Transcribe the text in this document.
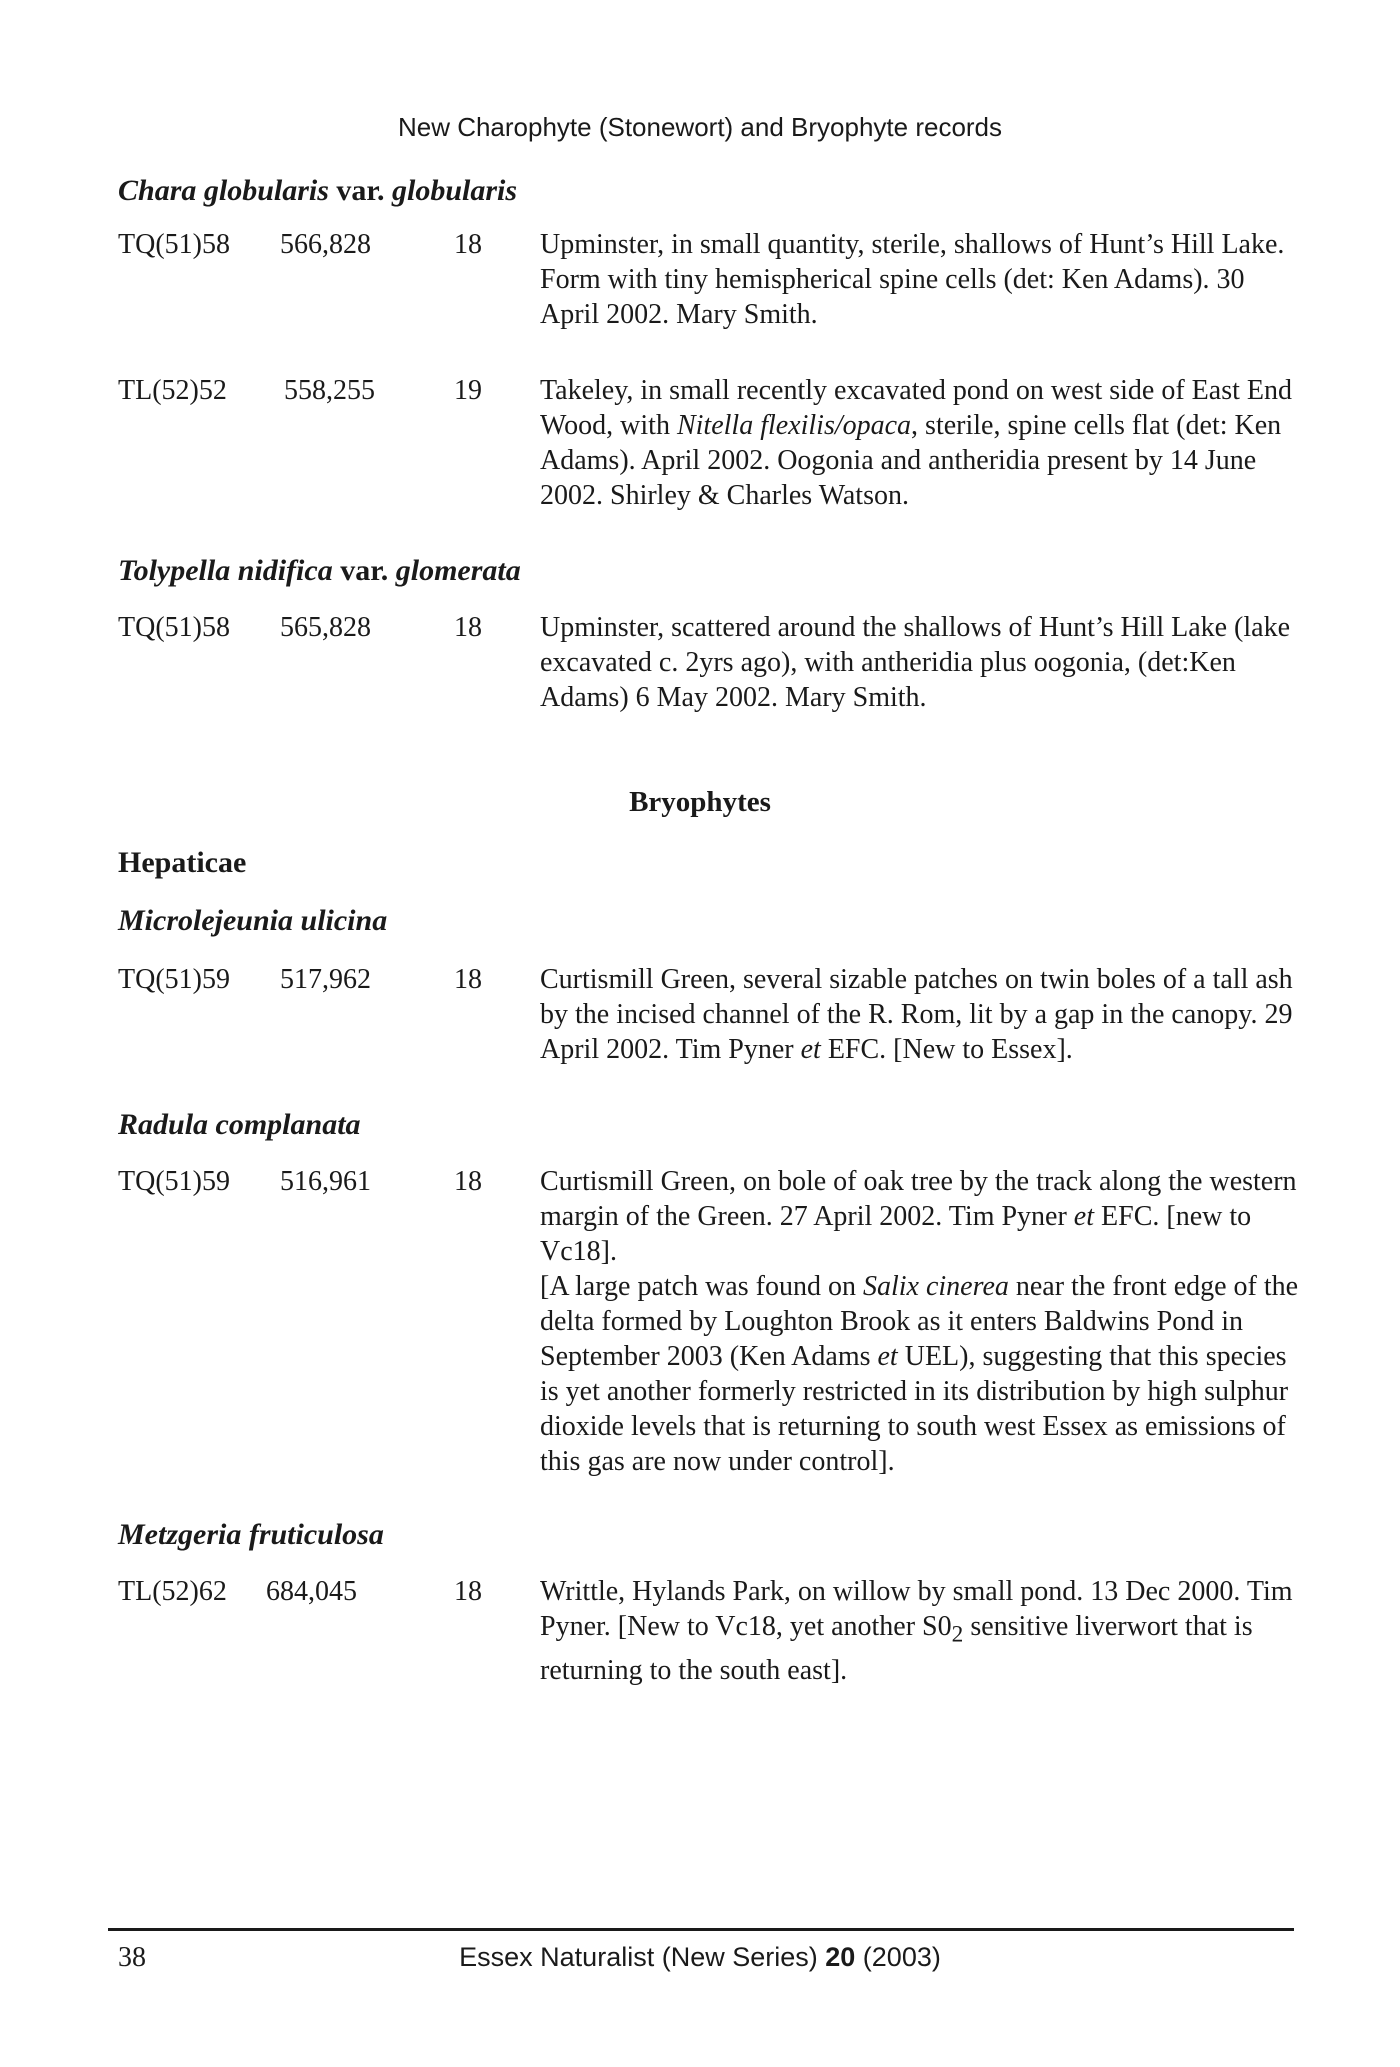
New Charophyte (Stonewort) and Bryophyte records
Chara globularis var. globularis
TQ(51)58 566,828	18 Upminster, in small quantity, sterile, shallows of Hunt’s Hill Lake.
Form with tiny hemispherical spine cells (det: Ken Adams). 30
April 2002. Mary Smith.
TL(52)52 558,255	19 Takeley, in small recently excavated pond on west side of East End Wood, with Nitella flexilis/opaca, sterile, spine cells flat (det: Ken Adams). April 2002. Oogonia and antheridia present by 14 June 2002. Shirley & Charles Watson.
Tolypella nidifica var. glomerata
TQ(51)58 565,828	18 Upminster, scattered around the shallows of Hunt’s Hill Lake (lake excavated c. 2yrs ago), with antheridia plus oogonia, (det:Ken Adams) 6 May 2002. Mary Smith.
Bryophytes
Hepaticae
Microlejeunia ulicina
TQ(51)59 517,962	18 Curtismill Green, several sizable patches on twin boles of a tall ash by the incised channel of the R. Rom, lit by a gap in the canopy. 29 April 2002. Tim Pyner et EFC. [New to Essex].
Radula complanata
TQ(51)59 516,961	18 Curtismill Green, on bole of oak tree by the track along the western margin of the Green. 27 April 2002. Tim Pyner et EFC. [new to Vc18].

[A large patch was found on Salix cinerea near the front edge of the delta formed by Loughton Brook as it enters Baldwins Pond in September 2003 (Ken Adams et UEL), suggesting that this species is yet another formerly restricted in its distribution by high sulphur dioxide levels that is returning to south west Essex as emissions of this gas are now under control].

Metzgeria fruticulosa
TL(52)62 684,045	18 Writtle, Hylands Park, on willow by small pond. 13 Dec 2000. Tim Pyner. [New to Vc18, yet another $S0_2$ sensitive liverwort that is returning to the south east].
38	Essex Naturalist (New Series) 20 (2003)
